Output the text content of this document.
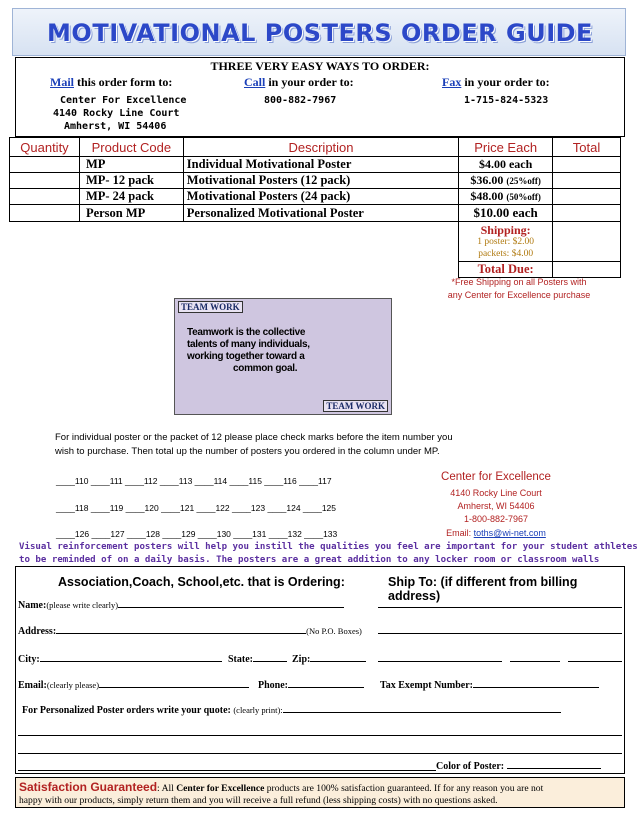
MOTIVATIONAL POSTERS ORDER GUIDE
THREE VERY EASY WAYS TO ORDER:
Mail this order form to:	Call in your order to:	Fax in your order to:
Center For Excellence
4140 Rocky Line Court
Amherst, WI 54406
800-882-7967	1-715-824-5323
Quantity	Product Code	Description	Price Each	Total
	MP	Individual Motivational Poster	$4.00 each	
	MP- 12 pack	Motivational Posters (12 pack)	$36.00 (25%off)	
	MP- 24 pack	Motivational Posters (24 pack)	$48.00 (50%off)	
	Person MP	Personalized Motivational Poster	$10.00 each	

			Shipping:
1 poster: $2.00
packets: $4.00	

			Total Due:	
*Free Shipping on all Posters with
any Center for Excellence purchase
TEAM WORK
Teamwork is the collective
talents of many individuals,
working together toward a
common goal.
TEAM WORK
For individual poster or the packet of 12 please place check marks before the item number you
wish to purchase. Then total up the number of posters you ordered in the column under MP.
____110 ____111 ____112 ____113 ____114 ____115 ____116 ____117
____118 ____119 ____120 ____121 ____122 ____123 ____124 ____125
____126 ____127 ____128 ____129 ____130 ____131 ____132 ____133
Center for Excellence
4140 Rocky Line Court
Amherst, WI 54406
1-800-882-7967
Email: toths@wi-net.com
Visual reinforcement posters will help you instill the qualities you feel are important for your student athletes
to be reminded of on a daily basis. The posters are a great addition to any locker room or classroom walls
Association,Coach, School,etc. that is Ordering:	Ship To: (if different from billing address)
Name:(please write clearly)
Address:	(No P.O. Boxes)
City:	State:	Zip:
Email:(clearly please)	Phone:	Tax Exempt Number:
For Personalized Poster orders write your quote: (clearly print):
Color of Poster:
Satisfaction Guaranteed: All Center for Excellence products are 100% satisfaction guaranteed. If for any reason you are not
happy with our products, simply return them and you will receive a full refund (less shipping costs) with no questions asked.
